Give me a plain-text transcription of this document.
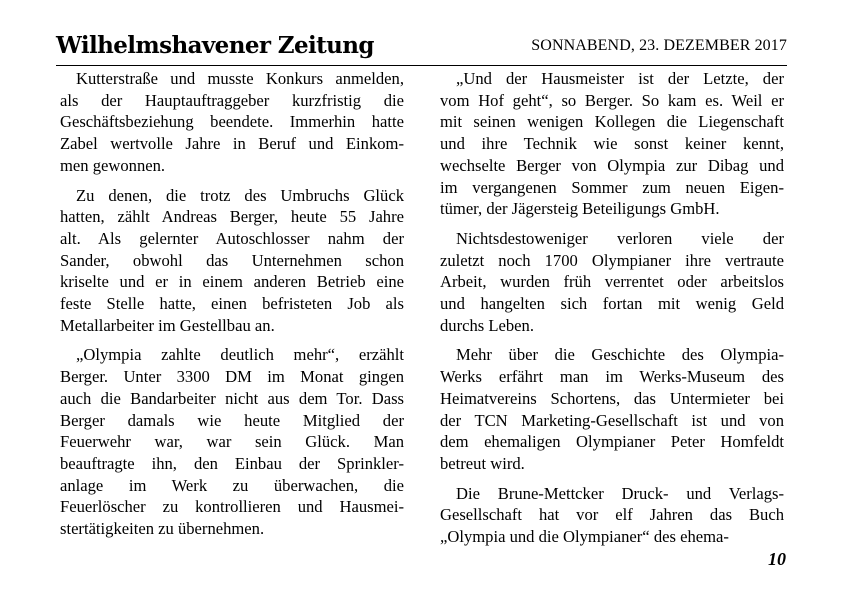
Wilhelmshavener Zeitung	SONNABEND, 23. DEZEMBER 2017

Kutterstraße und musste Konkurs anmelden,
als der Hauptauftraggeber kurzfristig die
Geschäftsbeziehung beendete. Immerhin hatte
Zabel wertvolle Jahre in Beruf und Einkom-
men gewonnen.

Zu denen, die trotz des Umbruchs Glück
hatten, zählt Andreas Berger, heute 55 Jahre
alt. Als gelernter Autoschlosser nahm der
Sander, obwohl das Unternehmen schon
kriselte und er in einem anderen Betrieb eine
feste Stelle hatte, einen befristeten Job als
Metallarbeiter im Gestellbau an.

„Olympia zahlte deutlich mehr“, erzählt
Berger. Unter 3300 DM im Monat gingen
auch die Bandarbeiter nicht aus dem Tor. Dass
Berger damals wie heute Mitglied der
Feuerwehr war, war sein Glück. Man
beauftragte ihn, den Einbau der Sprinkler-
anlage im Werk zu überwachen, die
Feuerlöscher zu kontrollieren und Hausmei-
stertätigkeiten zu übernehmen.

„Und der Hausmeister ist der Letzte, der
vom Hof geht“, so Berger. So kam es. Weil er
mit seinen wenigen Kollegen die Liegenschaft
und ihre Technik wie sonst keiner kennt,
wechselte Berger von Olympia zur Dibag und
im vergangenen Sommer zum neuen Eigen-
tümer, der Jägersteig Beteiligungs GmbH.

Nichtsdestoweniger verloren viele der
zuletzt noch 1700 Olympianer ihre vertraute
Arbeit, wurden früh verrentet oder arbeitslos
und hangelten sich fortan mit wenig Geld
durchs Leben.

Mehr über die Geschichte des Olympia-
Werks erfährt man im Werks-Museum des
Heimatvereins Schortens, das Untermieter bei
der TCN Marketing-Gesellschaft ist und von
dem ehemaligen Olympianer Peter Homfeldt
betreut wird.

Die Brune-Mettcker Druck- und Verlags-
Gesellschaft hat vor elf Jahren das Buch
„Olympia und die Olympianer“ des ehema-

10
